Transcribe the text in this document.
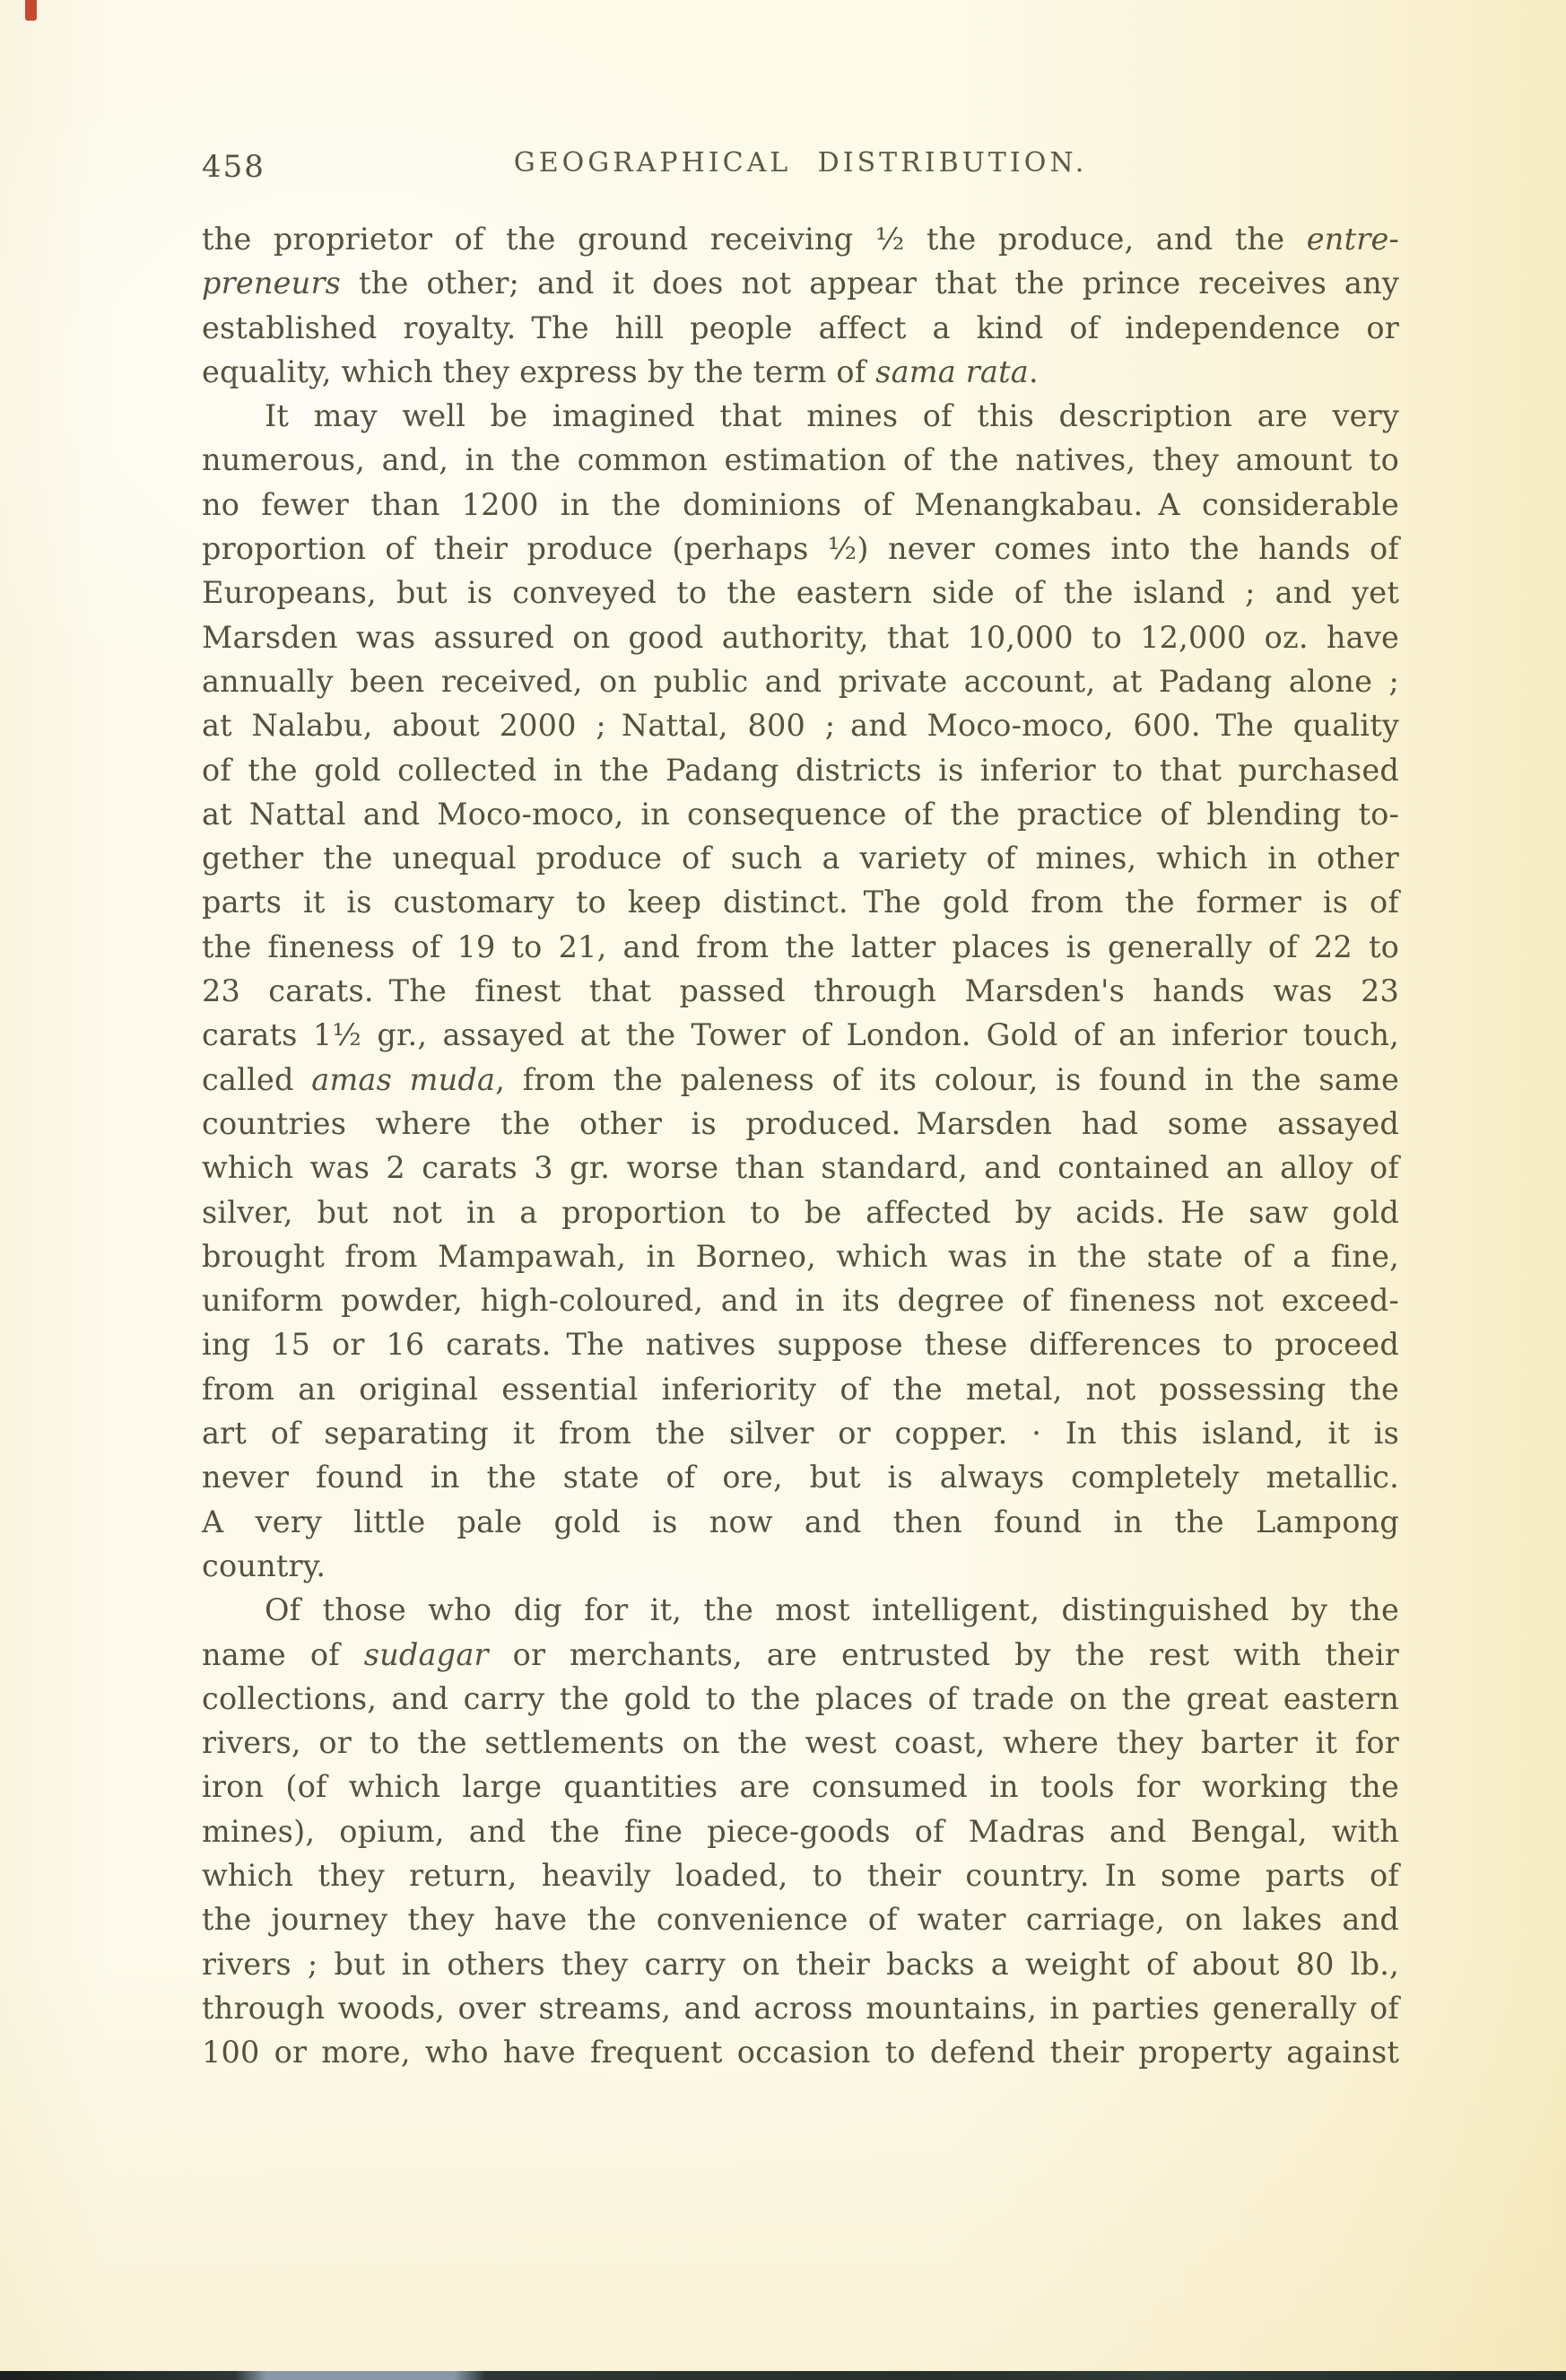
458	GEOGRAPHICAL DISTRIBUTION.
the proprietor of the ground receiving ½ the produce, and the entre-
preneurs the other; and it does not appear that the prince receives any
established royalty. The hill people affect a kind of independence or
equality, which they express by the term of sama rata.
It may well be imagined that mines of this description are very
numerous, and, in the common estimation of the natives, they amount to
no fewer than 1200 in the dominions of Menangkabau. A considerable
proportion of their produce (perhaps ½) never comes into the hands of
Europeans, but is conveyed to the eastern side of the island ; and yet
Marsden was assured on good authority, that 10,000 to 12,000 oz. have
annually been received, on public and private account, at Padang alone ;
at Nalabu, about 2000 ; Nattal, 800 ; and Moco-moco, 600. The quality
of the gold collected in the Padang districts is inferior to that purchased
at Nattal and Moco-moco, in consequence of the practice of blending to-
gether the unequal produce of such a variety of mines, which in other
parts it is customary to keep distinct. The gold from the former is of
the fineness of 19 to 21, and from the latter places is generally of 22 to
23 carats. The finest that passed through Marsden's hands was 23
carats 1½ gr., assayed at the Tower of London. Gold of an inferior touch,
called amas muda, from the paleness of its colour, is found in the same
countries where the other is produced. Marsden had some assayed
which was 2 carats 3 gr. worse than standard, and contained an alloy of
silver, but not in a proportion to be affected by acids. He saw gold
brought from Mampawah, in Borneo, which was in the state of a fine,
uniform powder, high-coloured, and in its degree of fineness not exceed-
ing 15 or 16 carats. The natives suppose these differences to proceed
from an original essential inferiority of the metal, not possessing the
art of separating it from the silver or copper. · In this island, it is
never found in the state of ore, but is always completely metallic.
A very little pale gold is now and then found in the Lampong
country.
Of those who dig for it, the most intelligent, distinguished by the
name of sudagar or merchants, are entrusted by the rest with their
collections, and carry the gold to the places of trade on the great eastern
rivers, or to the settlements on the west coast, where they barter it for
iron (of which large quantities are consumed in tools for working the
mines), opium, and the fine piece-goods of Madras and Bengal, with
which they return, heavily loaded, to their country. In some parts of
the journey they have the convenience of water carriage, on lakes and
rivers ; but in others they carry on their backs a weight of about 80 lb.,
through woods, over streams, and across mountains, in parties generally of
100 or more, who have frequent occasion to defend their property against
